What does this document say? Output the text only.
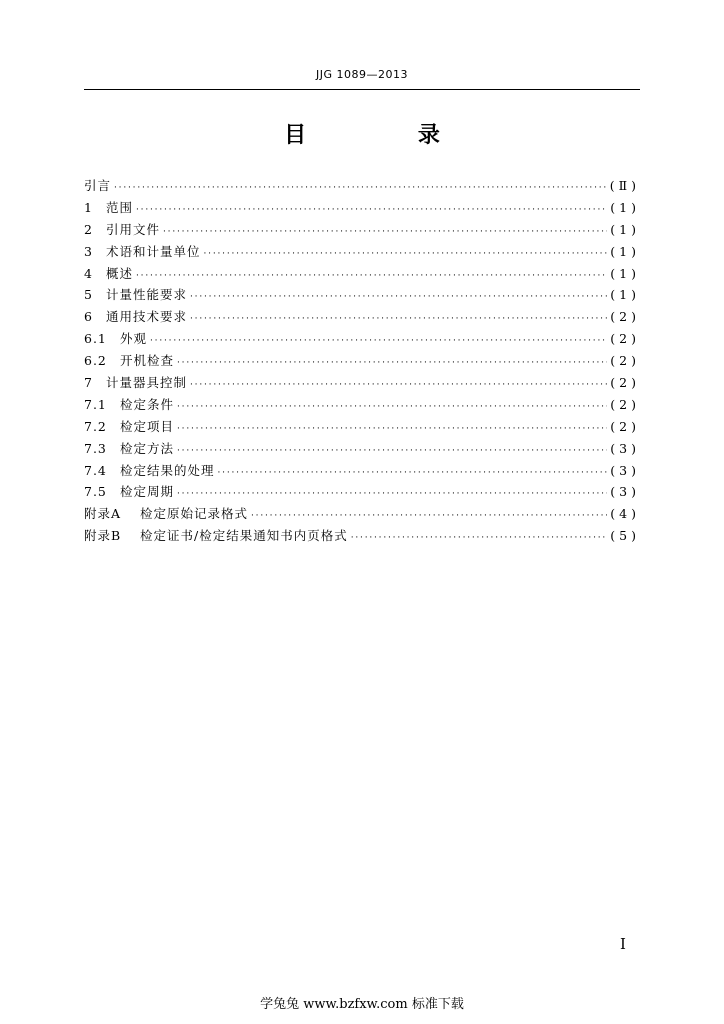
JJG 1089—2013
目 录
引言 ·····	(Ⅱ)
1	范围 ·····	(1)
2	引用文件 ·····	(1)
3	术语和计量单位 ·····	(1)
4	概述 ·····	(1)
5	计量性能要求 ·····	(1)
6	通用技术要求 ·····	(2)
6.1	外观 ·····	(2)
6.2	开机检查 ·····	(2)
7	计量器具控制 ·····	(2)
7.1	检定条件 ·····	(2)
7.2	检定项目 ·····	(2)
7.3	检定方法 ·····	(3)
7.4	检定结果的处理 ·····	(3)
7.5	检定周期 ·····	(3)
附录A	检定原始记录格式 ·····	(4)
附录B	检定证书/检定结果通知书内页格式 ·····	(5)
I
学兔兔 www.bzfxw.com 标准下载
